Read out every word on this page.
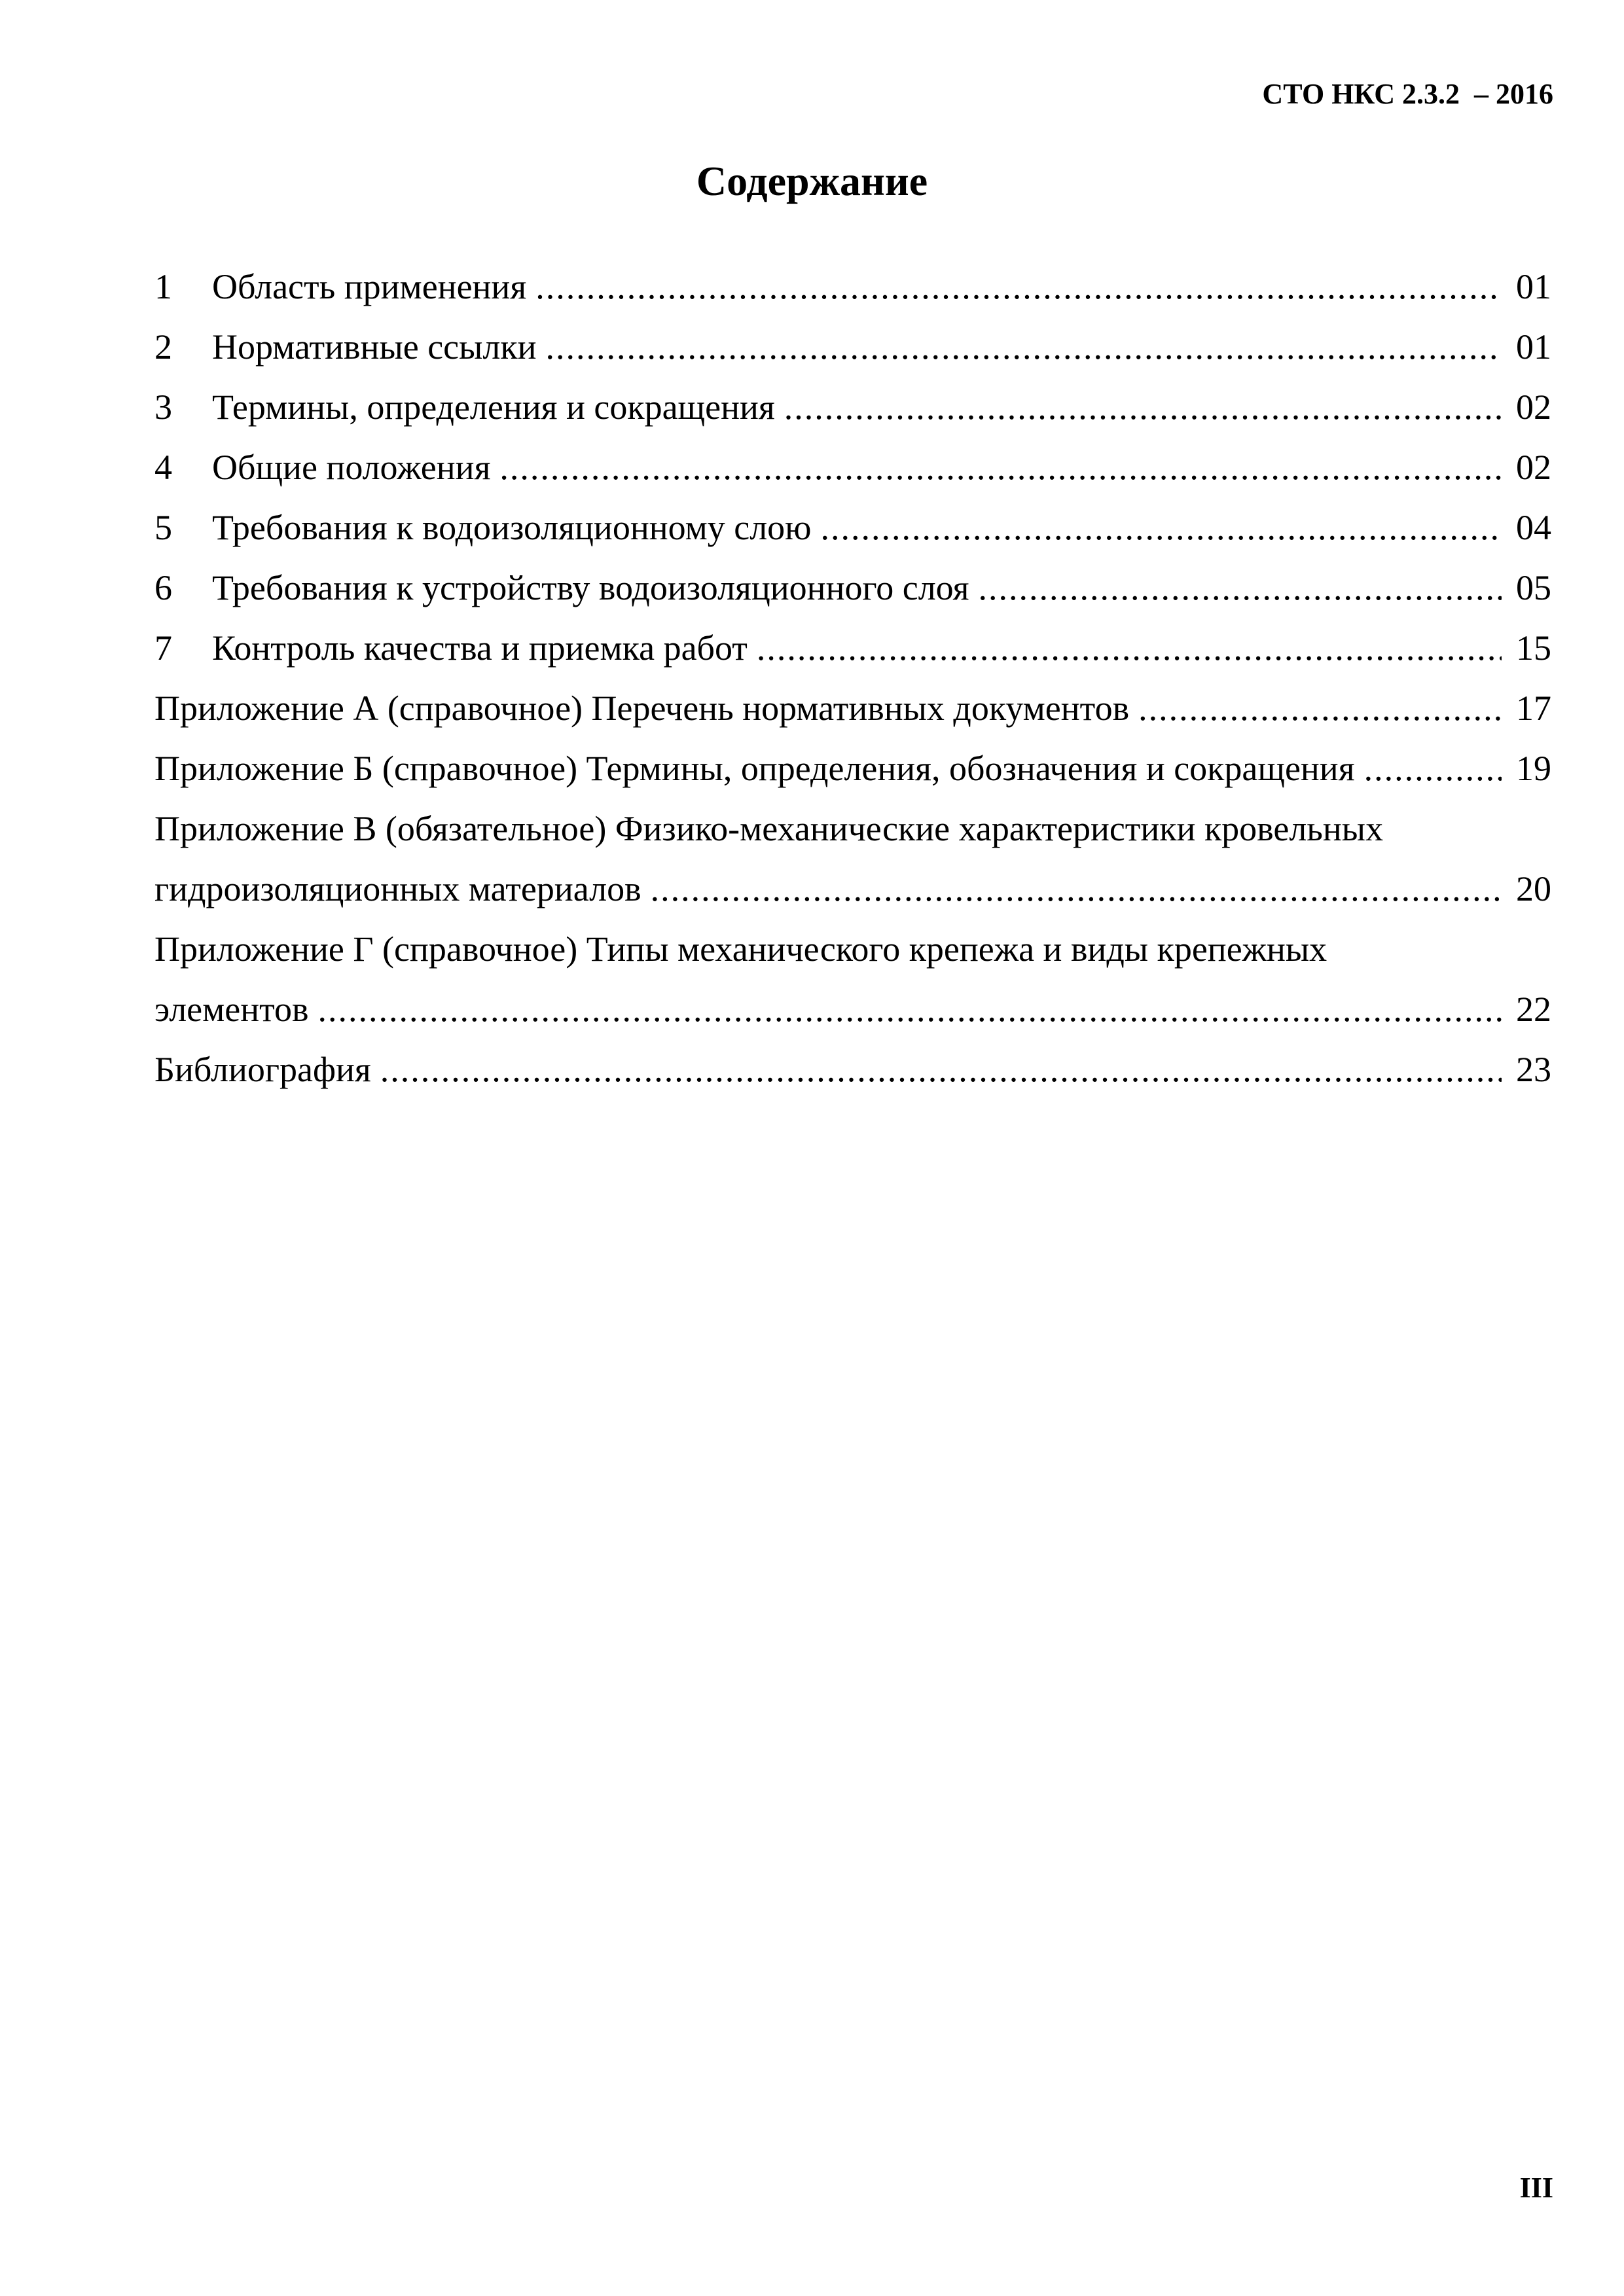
СТО НКС 2.3.2  – 2016
Содержание
1	Область применения .....	01
2	Нормативные ссылки .....	01
3	Термины, определения и сокращения .....	02
4	Общие положения .....	02
5	Требования к водоизоляционному слою .....	04
6	Требования к устройству водоизоляционного слоя .....	05
7	Контроль качества и приемка работ .....	15
Приложение А (справочное) Перечень нормативных документов .....	17
Приложение Б (справочное) Термины, определения, обозначения и сокращения .....	19
Приложение В (обязательное) Физико-механические характеристики кровельных
гидроизоляционных материалов .....	20
Приложение Г (справочное) Типы механического крепежа и виды крепежных
элементов .....	22
Библиография .....	23
III
